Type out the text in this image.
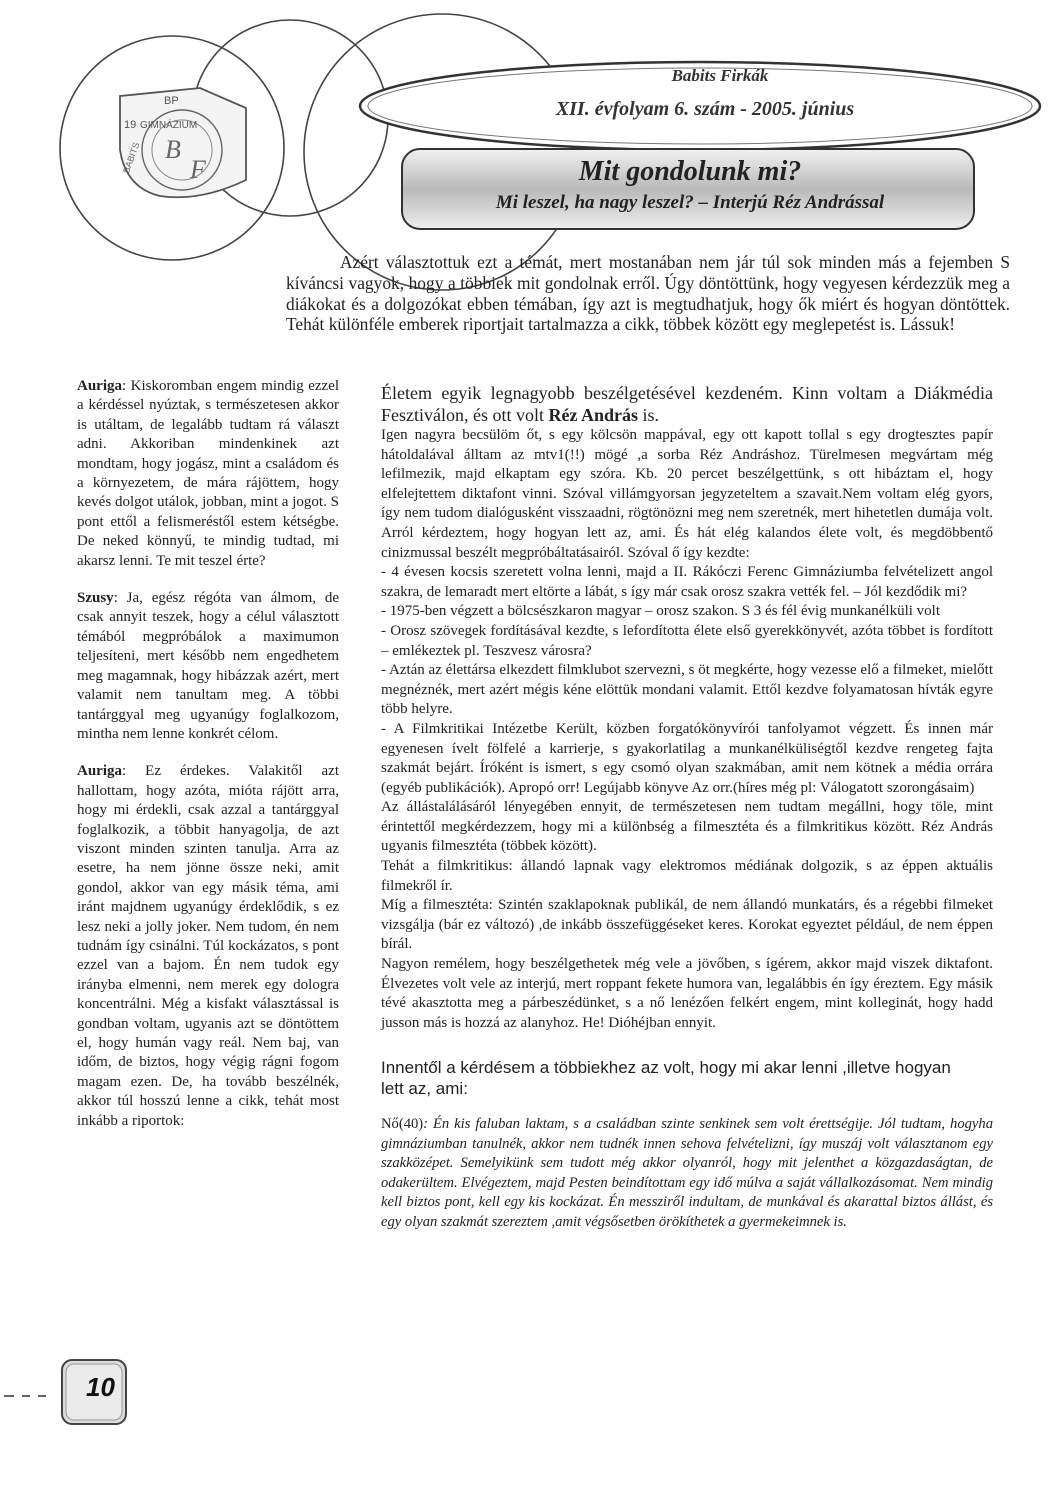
BP
19 GIMNÁZIUM
B
F
BABITS
Babits Firkák
XII. évfolyam 6. szám - 2005. június
Mit gondolunk mi?
Mi leszel, ha nagy leszel? – Interjú Réz Andrással

Azért választottuk ezt a témát, mert mostanában nem jár túl sok minden más a fejemben S kíváncsi vagyok, hogy a többiek mit gondolnak erről. Úgy döntöttünk, hogy vegyesen kérdezzük meg a diákokat és a dolgozókat ebben témában, így azt is megtudhatjuk, hogy ők miért és hogyan döntöttek. Tehát különféle emberek riportjait tartalmazza a cikk, többek között egy meglepetést is. Lássuk!

Auriga: Kiskoromban engem mindig ezzel a kérdéssel nyúztak, s természetesen akkor is utáltam, de legalább tudtam rá választ adni. Akkoriban mindenkinek azt mondtam, hogy jogász, mint a családom és a környezetem, de mára rájöttem, hogy kevés dolgot utálok, jobban, mint a jogot. S pont ettől a felismeréstől estem kétségbe. De neked könnyű, te mindig tudtad, mi akarsz lenni. Te mit teszel érte?

Szusy: Ja, egész régóta van álmom, de csak annyit teszek, hogy a célul választott témából megpróbálok a maximumon teljesíteni, mert később nem engedhetem meg magamnak, hogy hibázzak azért, mert valamit nem tanultam meg. A többi tantárggyal meg ugyanúgy foglalkozom, mintha nem lenne konkrét célom.

Auriga: Ez érdekes. Valakitől azt hallottam, hogy azóta, mióta rájött arra, hogy mi érdekli, csak azzal a tantárggyal foglalkozik, a többit hanyagolja, de azt viszont minden szinten tanulja. Arra az esetre, ha nem jönne össze neki, amit gondol, akkor van egy másik téma, ami iránt majdnem ugyanúgy érdeklődik, s ez lesz neki a jolly joker. Nem tudom, én nem tudnám így csinálni. Túl kockázatos, s pont ezzel van a bajom. Én nem tudok egy irányba elmenni, nem merek egy dologra koncentrálni. Még a kisfakt választással is gondban voltam, ugyanis azt se döntöttem el, hogy humán vagy reál. Nem baj, van időm, de biztos, hogy végig rágni fogom magam ezen. De, ha tovább beszélnék, akkor túl hosszú lenne a cikk, tehát most inkább a riportok:

Életem egyik legnagyobb beszélgetésével kezdeném. Kinn voltam a Diákmédia Fesztiválon, és ott volt Réz András is.

Igen nagyra becsülöm őt, s egy kölcsön mappával, egy ott kapott tollal s egy drogtesztes papír hátoldalával álltam az mtv1(!!) mögé ,a sorba Réz Andráshoz. Türelmesen megvártam még lefilmezik, majd elkaptam egy szóra. Kb. 20 percet beszélgettünk, s ott hibáztam el, hogy elfelejtettem diktafont vinni. Szóval villámgyorsan jegyzeteltem a szavait.Nem voltam elég gyors, így nem tudom dialógusként visszaadni, rögtönözni meg nem szeretnék, mert hihetetlen dumája volt. Arról kérdeztem, hogy hogyan lett az, ami. És hát elég kalandos élete volt, és megdöbbentő cinizmussal beszélt megpróbáltatásairól. Szóval ő így kezdte:

- 4 évesen kocsis szeretett volna lenni, majd a II. Rákóczi Ferenc Gimnáziumba felvételizett angol szakra, de lemaradt mert eltörte a lábát, s így már csak orosz szakra vették fel. – Jól kezdődik mi?

- 1975-ben végzett a bölcsészkaron magyar – orosz szakon. S 3 és fél évig munkanélküli volt

- Orosz szövegek fordításával kezdte, s lefordította élete első gyerekkönyvét, azóta többet is fordított – emlékeztek pl. Teszvesz városra?

- Aztán az élettársa elkezdett filmklubot szervezni, s öt megkérte, hogy vezesse elő a filmeket, mielőtt megnéznék, mert azért mégis kéne elöttük mondani valamit. Ettől kezdve folyamatosan hívták egyre több helyre.

- A Filmkritikai Intézetbe Került, közben forgatókönyvírói tanfolyamot végzett. És innen már egyenesen ívelt fölfelé a karrierje, s gyakorlatilag a munkanélküliségtől kezdve rengeteg fajta szakmát bejárt. Íróként is ismert, s egy csomó olyan szakmában, amit nem kötnek a média orrára (egyéb publikációk). Apropó orr! Legújabb könyve Az orr.(híres még pl: Válogatott szorongásaim)

Az állástalálásáról lényegében ennyit, de természetesen nem tudtam megállni, hogy töle, mint érintettől megkérdezzem, hogy mi a különbség a filmesztéta és a filmkritikus között. Réz András ugyanis filmesztéta (többek között).

Tehát a filmkritikus: állandó lapnak vagy elektromos médiának dolgozik, s az éppen aktuális filmekről ír.

Míg a filmesztéta: Szintén szaklapoknak publikál, de nem állandó munkatárs, és a régebbi filmeket vizsgálja (bár ez változó) ,de inkább összefüggéseket keres. Korokat egyeztet például, de nem éppen bírál.

Nagyon remélem, hogy beszélgethetek még vele a jövőben, s ígérem, akkor majd viszek diktafont. Élvezetes volt vele az interjú, mert roppant fekete humora van, legalábbis én így éreztem. Egy másik tévé akasztotta meg a párbeszédünket, s a nő lenézően felkért engem, mint kolleginát, hogy hadd jusson más is hozzá az alanyhoz. He! Dióhéjban ennyit.

Innentől a kérdésem a többiekhez az volt, hogy mi akar lenni ,illetve hogyan lett az, ami:

Nő(40): Én kis faluban laktam, s a családban szinte senkinek sem volt érettségije. Jól tudtam, hogyha gimnáziumban tanulnék, akkor nem tudnék innen sehova felvételizni, így muszáj volt választanom egy szakközépet. Semelyikünk sem tudott még akkor olyanról, hogy mit jelenthet a közgazdaságtan, de odakerültem. Elvégeztem, majd Pesten beindítottam egy idő múlva a saját vállalkozásomat. Nem mindig kell biztos pont, kell egy kis kockázat. Én messziről indultam, de munkával és akarattal biztos állást, és egy olyan szakmát szereztem ,amit végsősetben örökíthetek a gyermekeimnek is.

10
